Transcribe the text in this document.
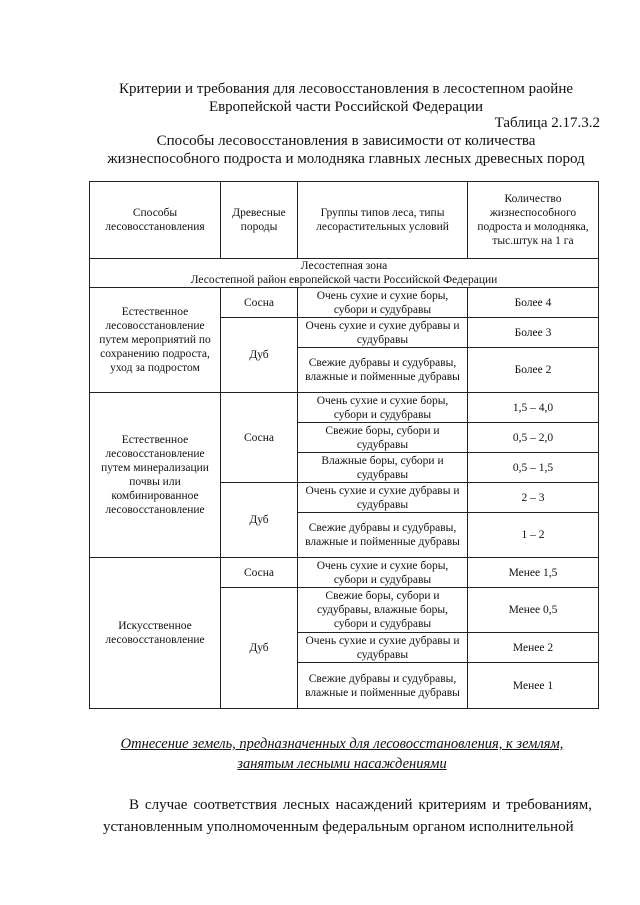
Критерии и требования для лесовосстановления в лесостепном раойне
Европейской части Российской Федерации
Таблица 2.17.3.2
Способы лесовосстановления в зависимости от количества
жизнеспособного подроста и молодняка главных лесных древесных пород
Способы лесовосстановления	Древесные породы	Группы типов леса, типы лесорастительных условий	Количество жизнеспособного подроста и молодняка, тыс.штук на 1 га

Лесостепная зона
Лесостепной район европейской части Российской Федерации			

Естественное лесовосстановление путем мероприятий по сохранению подроста, уход за подростом	Сосна	Очень сухие и сухие боры, субори и судубравы	Более 4
	Дуб	Очень сухие и сухие дубравы и судубравы	Более 3
		Свежие дубравы и судубравы, влажные и пойменные дубравы	Более 2
Естественное лесовосстановление путем минерализации почвы или комбинированное лесовосстановление	Сосна	Очень сухие и сухие боры, субори и судубравы	1,5 – 4,0
		Свежие боры, субори и судубравы	0,5 – 2,0
		Влажные боры, субори и судубравы	0,5 – 1,5
	Дуб	Очень сухие и сухие дубравы и судубравы	2 – 3
		Свежие дубравы и судубравы, влажные и пойменные дубравы	1 – 2
Искусственное лесовосстановление	Сосна	Очень сухие и сухие боры, субори и судубравы	Менее 1,5
	Дуб	Свежие боры, субори и судубравы, влажные боры, субори и судубравы	Менее 0,5
		Очень сухие и сухие дубравы и судубравы	Менее 2
		Свежие дубравы и судубравы, влажные и пойменные дубравы	Менее 1
Отнесение земель, предназначенных для лесовосстановления, к землям, занятым лесными насаждениями
В случае соответствия лесных насаждений критериям и требованиям, установленным уполномоченным федеральным органом исполнительной
